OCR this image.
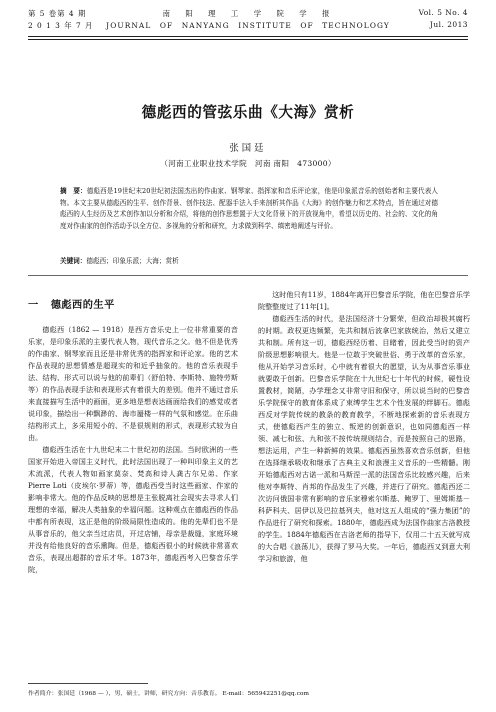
第 5 卷第 4 期	南　阳　理　工　学　院　学　报	Vol. 5 No. 4
2 0 1 3 年 7 月	JOURNAL　OF　NANYANG　INSTITUTE　OF　TECHNOLOGY	Jul. 2013
德彪西的管弦乐曲《大海》赏析
张国廷
（河南工业职业技术学院　河南 南阳　473000）
摘　要：德彪西是19世纪末20世纪初法国杰出的作曲家、钢琴家、指挥家和音乐评论家，他是印象派音乐的创始者和主要代表人物。本文主要从德彪西的生平、创作背景、创作技法、配器手法入手来剖析其作品《大海》的创作魅力和艺术特点，旨在通过对德彪西的人生经历及艺术创作加以分析和介绍，将他的创作思想置于大文化背景下的开放视角中，希望以历史的、社会的、文化的角度对作曲家的创作活动予以全方位、多视角的分析和研究，力求做到科学、缜密地阐述与评价。
关键词：德彪西；印象乐派；大海；赏析
一 德彪西的生平

德彪西（1862 — 1918）是西方音乐史上一位非常重要的音乐家，是印象乐派的主要代表人物，现代音乐之父。他不但是优秀的作曲家、钢琴家而且还是非常优秀的指挥家和评论家。他的艺术作品表现的思想情感是超现实的和近乎抽象的。他的音乐表现手法、结构、形式可以说与他的前辈们（舒伯特、李斯特、施特劳斯等）的作品表现手法和表现形式有着很大的差别。他并不通过音乐来直接描写生活中的画面，更多地是想表达画面给我们的感觉或者说印象，描绘出一种飘渺的、海市蜃楼一样的气氛和感觉。在乐曲结构形式上，多采用短小的、不是很规则的形式，表现形式较为自由。

德彪西生活在十九世纪末二十世纪初的法国。当时欧洲的一些国家开始进入帝国主义时代，此时法国出现了一种叫印象主义的艺术流派，代表人物如画家莫奈、梵高和诗人龚古尔兄弟、作家 Pierre Loti（皮埃尔·罗蒂）等，德彪西受当时这些画家、作家的影响非常大。他的作品反映的思想是主张脱离社会现实去寻求人们理想的幸福，解决人类抽象的幸福问题。这种观点在德彪西的作品中都有所表现，这正是他的阶级局限性造成的。他的先辈们也不是从事音乐的，他父亲当过店员，开过店铺，母亲是裁缝，家庭环境并没有给他良好的音乐熏陶。但是，德彪西很小的时候就非常喜欢音乐，表现出超群的音乐才华。1873年，德彪西考入巴黎音乐学院，

这时他只有11岁，1884年离开巴黎音乐学院，他在巴黎音乐学院整整度过了11年[1]。

德彪西生活的时代，是法国经济十分繁荣，但政治却极其腐朽的时期。政权更迭频繁，先共和制后波拿巴家族统治，然后又建立共和制。所有这一切，德彪西经历着、目睹着，因此受当时的资产阶级思想影响很大。他是一位敢于突破世俗、勇于改革的音乐家，他从开始学习音乐时，心中就有着很大的愿望，认为从事音乐事业就要敢于创新。巴黎音乐学院在十九世纪七十年代的时候，硬性设置教材，简陋，办学理念又非常守旧和保守，所以说当时的巴黎音乐学院保守的教育体系成了束缚学生艺术个性发展的绊脚石。德彪西反对学院传统的教条的教育教学，不断地探索新的音乐表现方式，使德彪西产生的独立、叛逆的创新意识，也如同德彪西一样领、减七和弦、九和弦不按传统规则结合，而是按照自己的思路，想法运用，产生一种新鲜的效果。德彪西虽然喜欢音乐创新，但他在选择继承吸收和继承了古典主义和浪漫主义音乐的一些精髓。刚开始德彪西对古诺一派和马斯涅一派的法国音乐比较感兴趣，后来他对李斯特、肖邦的作品发生了兴趣，并进行了研究。德彪西还二次访问俄国非常有影响的音乐家穆索尔斯基、鲍罗丁、里姆斯基－科萨科夫、居伊以及巴拉基列夫，他对这五人组成的“强力集团”的作品进行了研究和探索。1880年，德彪西成为法国作曲家古洛教授的学生。1884年德彪西在吉洛老师的指导下，仅用二十五天就写成的大合唱《浪荡儿》，获得了罗马大奖。一年后，德彪西又到意大利学习和旅游，他

作者简介：张国廷（1968 — ），男，硕士，讲师，研究方向：音乐教育。 E-mail：565942251@qq.com
